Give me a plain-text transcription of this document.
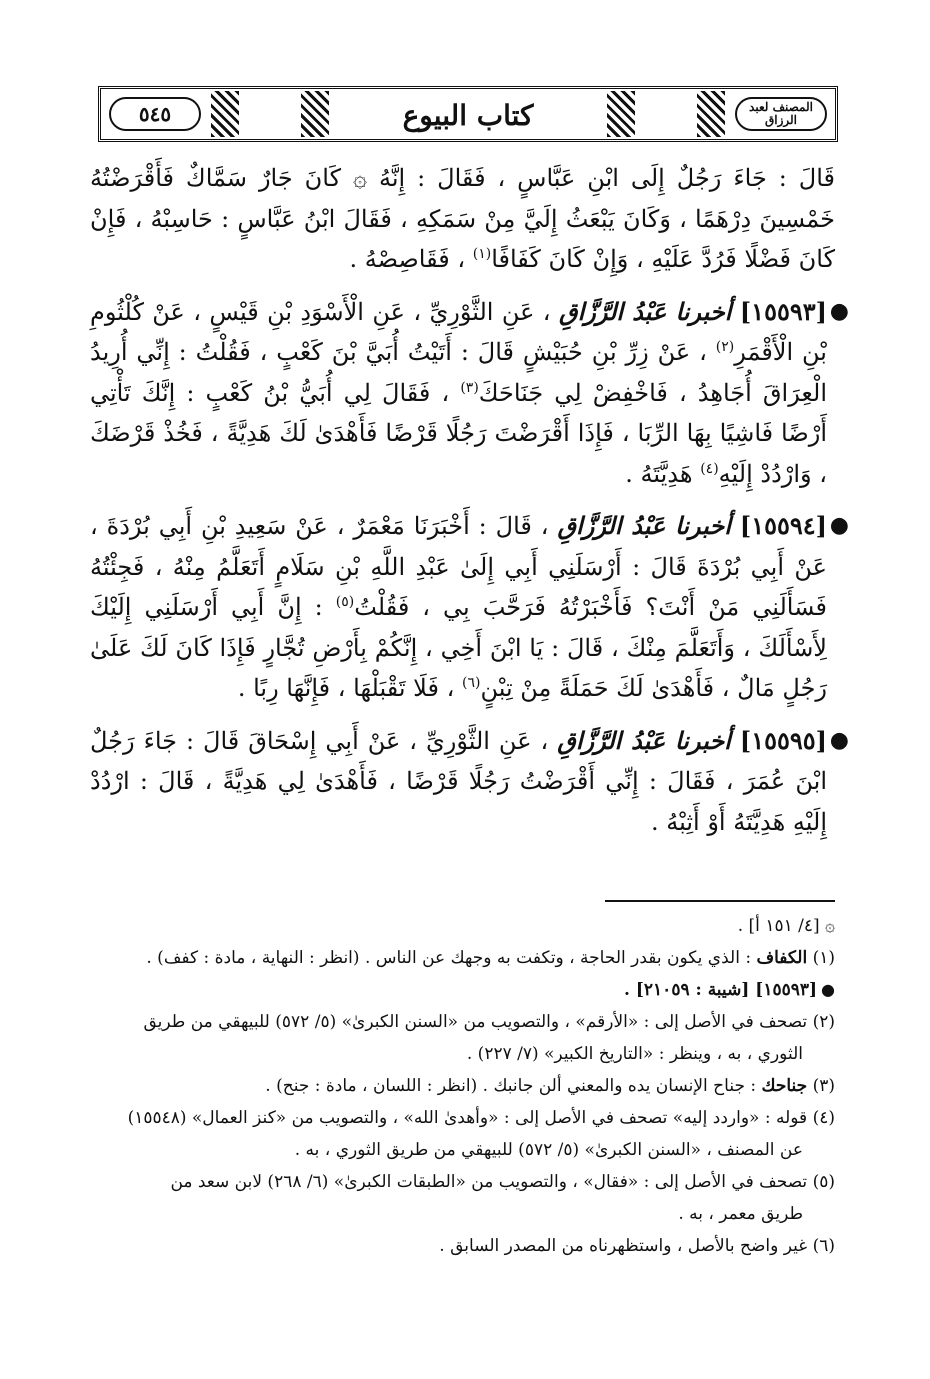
المصنف لعبد الرزاق
كتاب البيوع
٥٤٥

قَالَ : جَاءَ رَجُلٌ إِلَى ابْنِ عَبَّاسٍ ، فَقَالَ : إِنَّهُ ۞ كَانَ جَارٌ سَمَّاكٌ فَأَقْرَضْتُهُ خَمْسِينَ دِرْهَمًا ، وَكَانَ يَبْعَثُ إِلَيَّ مِنْ سَمَكِهِ ، فَقَالَ ابْنُ عَبَّاسٍ : حَاسِبْهُ ، فَإِنْ كَانَ فَضْلًا فَرُدَّ عَلَيْهِ ، وَإِنْ كَانَ كَفَافًا$^{(١)}$ ، فَقَاصِصْهُ .

●
[١٥٥٩٣] أخبرنا عَبْدُ الرَّزَّاقِ ، عَنِ الثَّوْرِيِّ ، عَنِ الْأَسْوَدِ بْنِ قَيْسٍ ، عَنْ كُلْثُومِ بْنِ الْأَقْمَرِ$^{(٢)}$ ، عَنْ زِرِّ بْنِ حُبَيْشٍ قَالَ : أَتَيْتُ أُبَيَّ بْنَ كَعْبٍ ، فَقُلْتُ : إِنِّي أُرِيدُ الْعِرَاقَ أُجَاهِدُ ، فَاخْفِضْ لِي جَنَاحَكَ$^{(٣)}$ ، فَقَالَ لِي أُبَيُّ بْنُ كَعْبٍ : إِنَّكَ تَأْتِي أَرْضًا فَاشِيًا بِهَا الرِّبَا ، فَإِذَا أَقْرَضْتَ رَجُلًا قَرْضًا فَأَهْدَىٰ لَكَ هَدِيَّةً ، فَخُذْ قَرْضَكَ ، وَارْدُدْ إِلَيْهِ$^{(٤)}$ هَدِيَّتَهُ .

●
[١٥٥٩٤] أخبرنا عَبْدُ الرَّزَّاقِ ، قَالَ : أَخْبَرَنَا مَعْمَرٌ ، عَنْ سَعِيدِ بْنِ أَبِي بُرْدَةَ ، عَنْ أَبِي بُرْدَةَ قَالَ : أَرْسَلَنِي أَبِي إِلَىٰ عَبْدِ اللَّهِ بْنِ سَلَامٍ أَتَعَلَّمُ مِنْهُ ، فَجِئْتُهُ فَسَأَلَنِي مَنْ أَنْتَ؟ فَأَخْبَرْتُهُ فَرَحَّبَ بِي ، فَقُلْتُ$^{(٥)}$ : إِنَّ أَبِي أَرْسَلَنِي إِلَيْكَ لِأَسْأَلَكَ ، وَأَتَعَلَّمَ مِنْكَ ، قَالَ : يَا ابْنَ أَخِي ، إِنَّكُمْ بِأَرْضِ تُجَّارٍ فَإِذَا كَانَ لَكَ عَلَىٰ رَجُلٍ مَالٌ ، فَأَهْدَىٰ لَكَ حَمَلَةً مِنْ تِبْنٍ$^{(٦)}$ ، فَلَا تَقْبَلْهَا ، فَإِنَّهَا رِبًا .

●
[١٥٥٩٥] أخبرنا عَبْدُ الرَّزَّاقِ ، عَنِ الثَّوْرِيِّ ، عَنْ أَبِي إِسْحَاقَ قَالَ : جَاءَ رَجُلٌ ابْنَ عُمَرَ ، فَقَالَ : إِنِّي أَقْرَضْتُ رَجُلًا قَرْضًا ، فَأَهْدَىٰ لِي هَدِيَّةً ، قَالَ : ارْدُدْ إِلَيْهِ هَدِيَّتَهُ أَوْ أَثِبْهُ .

۞ [٤/ ١٥١ أ] .

(١) الكفاف : الذي يكون بقدر الحاجة ، وتكفت به وجهك عن الناس . (انظر : النهاية ، مادة : كفف) .

●[١٥٥٩٣] [شيبة : ٢١٠٥٩] .

(٢) تصحف في الأصل إلى : «الأرقم» ، والتصويب من «السنن الكبرىٰ» (٥/ ٥٧٢) للبيهقي من طريق

الثوري ، به ، وينظر : «التاريخ الكبير» (٧/ ٢٢٧) .

(٣) جناحك : جناح الإنسان يده والمعني ألن جانبك . (انظر : اللسان ، مادة : جنح) .

(٤) قوله : «واردد إليه» تصحف في الأصل إلى : «وأهدىٰ الله» ، والتصويب من «كنز العمال» (١٥٥٤٨)

عن المصنف ، «السنن الكبرىٰ» (٥/ ٥٧٢) للبيهقي من طريق الثوري ، به .

(٥) تصحف في الأصل إلى : «فقال» ، والتصويب من «الطبقات الكبرىٰ» (٦/ ٢٦٨) لابن سعد من

طريق معمر ، به .

(٦) غير واضح بالأصل ، واستظهرناه من المصدر السابق .
